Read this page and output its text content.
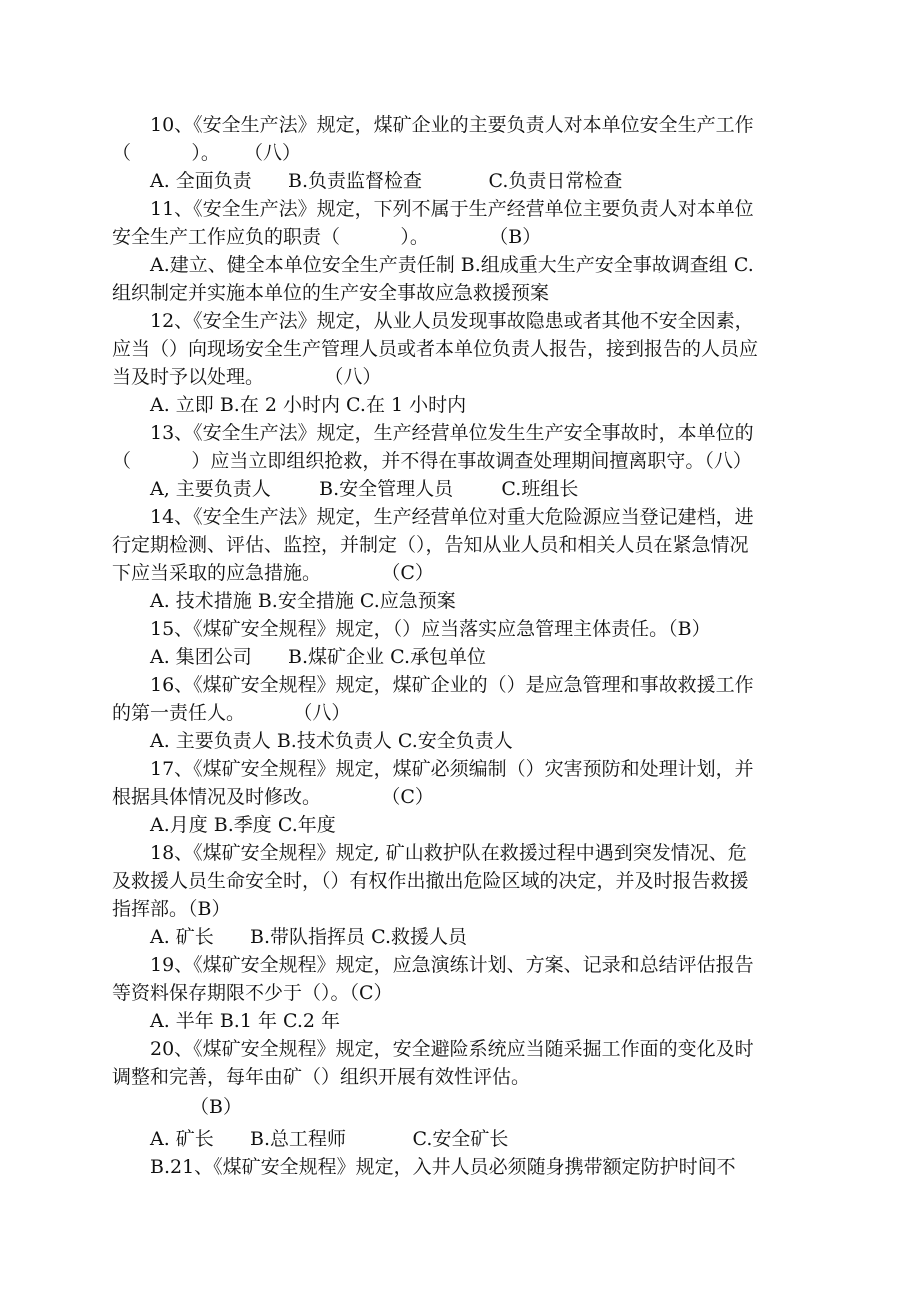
10、《安全生产法》规定，煤矿企业的主要负责人对本单位安全生产工作
（          ）。    （八）
A. 全面负责      B.负责监督检查           C.负责日常检查
11、《安全生产法》规定，下列不属于生产经营单位主要负责人对本单位
安全生产工作应负的职责（          ）。          （B）
A.建立、健全本单位安全生产责任制 B.组成重大生产安全事故调查组 C.
组织制定并实施本单位的生产安全事故应急救援预案
12、《安全生产法》规定，从业人员发现事故隐患或者其他不安全因素，
应当（）向现场安全生产管理人员或者本单位负责人报告，接到报告的人员应
当及时予以处理。          （八）
A. 立即 B.在 2 小时内 C.在 1 小时内
13、《安全生产法》规定，生产经营单位发生生产安全事故时，本单位的
（          ）应当立即组织抢救，并不得在事故调查处理期间擅离职守。（八）
A, 主要负责人        B.安全管理人员        C.班组长
14、《安全生产法》规定，生产经营单位对重大危险源应当登记建档，进
行定期检测、评估、监控，并制定（），告知从业人员和相关人员在紧急情况
下应当采取的应急措施。          （C）
A. 技术措施 B.安全措施 C.应急预案
15、《煤矿安全规程》规定，（）应当落实应急管理主体责任。（B）
A. 集团公司      B.煤矿企业 C.承包单位
16、《煤矿安全规程》规定，煤矿企业的（）是应急管理和事故救援工作
的第一责任人。        （八）
A. 主要负责人 B.技术负责人 C.安全负责人
17、《煤矿安全规程》规定，煤矿必须编制（）灾害预防和处理计划，并
根据具体情况及时修改。          （C）
A.月度 B.季度 C.年度
18、《煤矿安全规程》规定, 矿山救护队在救援过程中遇到突发情况、危
及救援人员生命安全时，（）有权作出撤出危险区域的决定，并及时报告救援
指挥部。（B）
A. 矿长      B.带队指挥员 C.救援人员
19、《煤矿安全规程》规定，应急演练计划、方案、记录和总结评估报告
等资料保存期限不少于（）。（C）
A. 半年 B.1 年 C.2 年
20、《煤矿安全规程》规定，安全避险系统应当随采掘工作面的变化及时
调整和完善，每年由矿（）组织开展有效性评估。
（B）
A. 矿长      B.总工程师           C.安全矿长
B.21、《煤矿安全规程》规定，入井人员必须随身携带额定防护时间不
